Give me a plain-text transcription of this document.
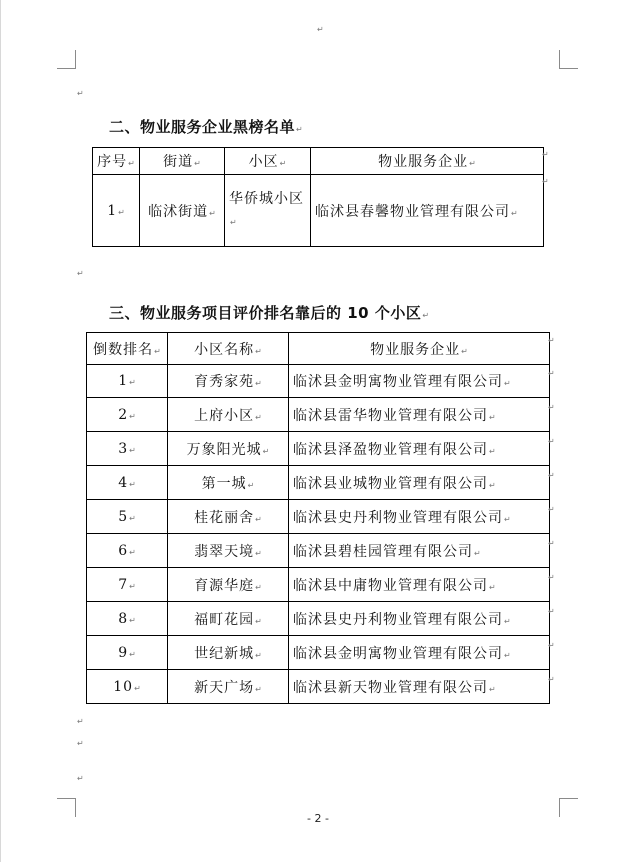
↵
↵
二、物业服务企业黑榜名单↵
序号↵	街道↵	小区↵	物业服务企业↵
1↵	临沭街道↵	华侨城小区↵	临沭县春馨物业管理有限公司↵
↵
↵
↵
三、物业服务项目评价排名靠后的 10 个小区↵
倒数排名↵	小区名称↵	物业服务企业↵
1↵	育秀家苑↵	临沭县金明寓物业管理有限公司↵
2↵	上府小区↵	临沭县雷华物业管理有限公司↵
3↵	万象阳光城↵	临沭县泽盈物业管理有限公司↵
4↵	第一城↵	临沭县业城物业管理有限公司↵
5↵	桂花丽舍↵	临沭县史丹利物业管理有限公司↵
6↵	翡翠天境↵	临沭县碧桂园管理有限公司↵
7↵	育源华庭↵	临沭县中庸物业管理有限公司↵
8↵	福町花园↵	临沭县史丹利物业管理有限公司↵
9↵	世纪新城↵	临沭县金明寓物业管理有限公司↵
10↵	新天广场↵	临沭县新天物业管理有限公司↵
↵
↵
↵
↵
↵
↵
↵
↵
↵
↵
↵
↵
↵
↵
- 2 -
